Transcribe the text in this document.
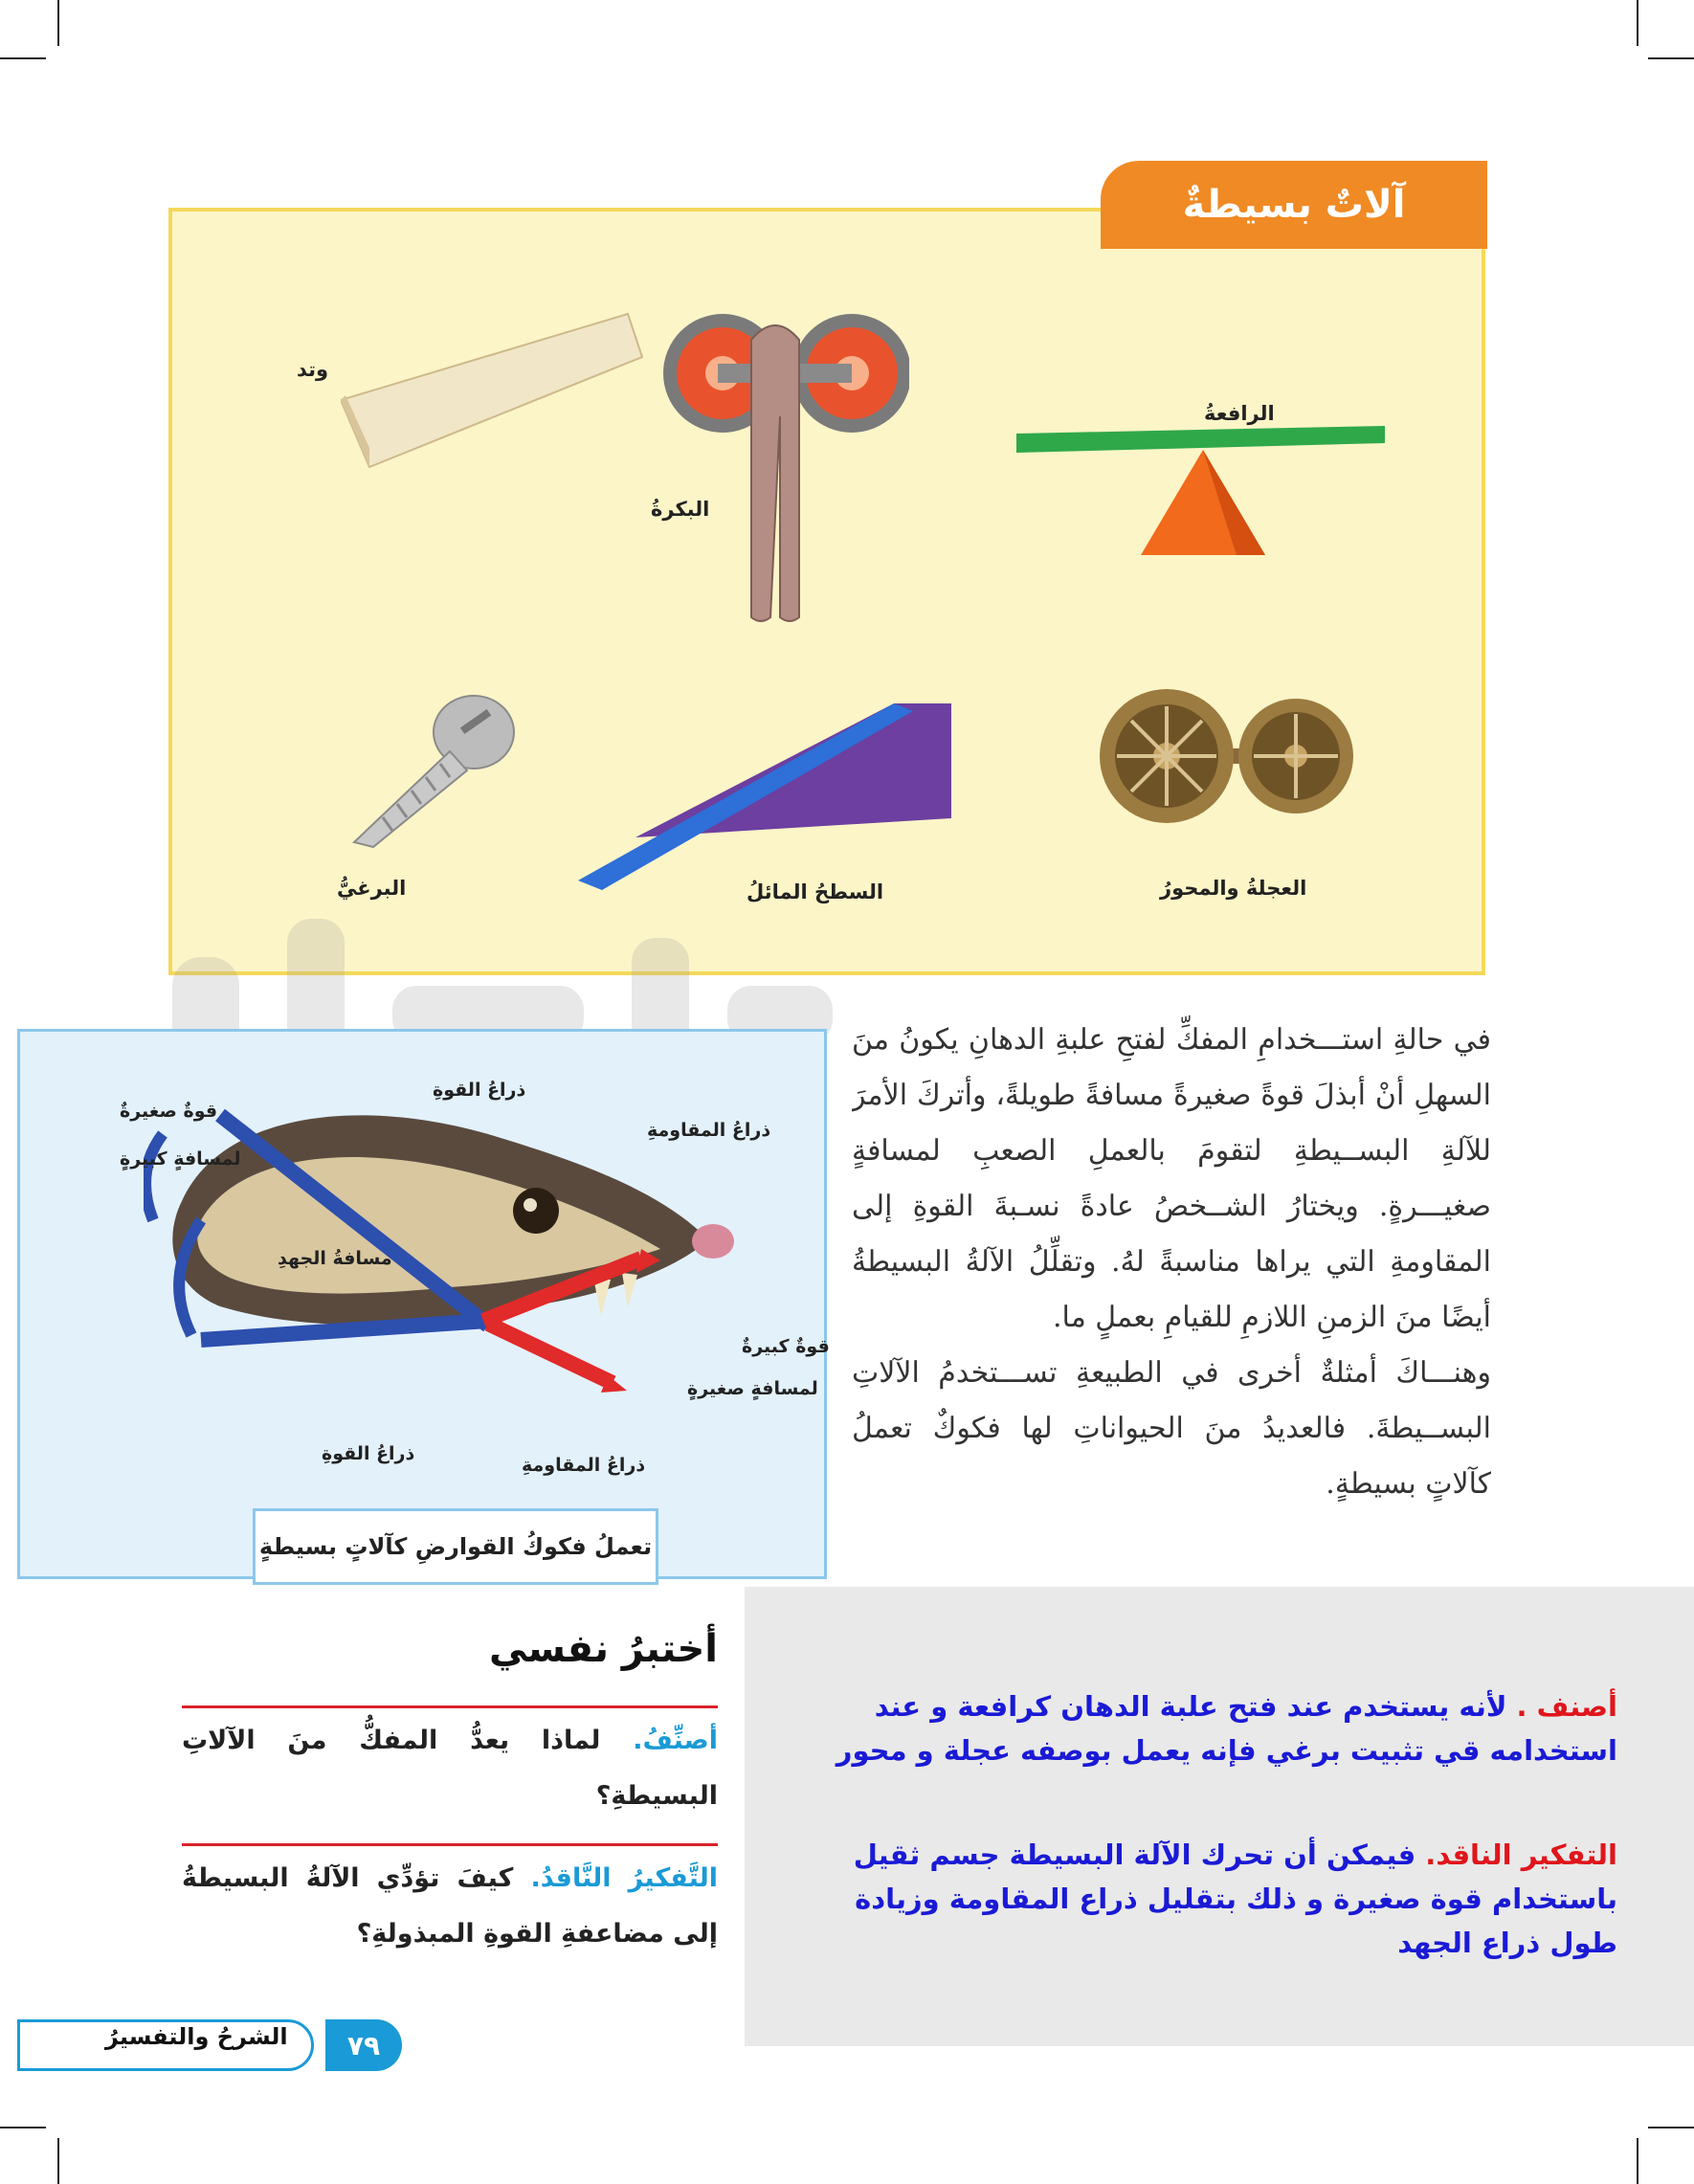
آلاتٌ بسيطةٌ
وتد
البكرةُ
الرافعةُ
البرغيُّ	السطحُ المائلُ	العجلةُ والمحورُ
قوةٌ صغيرةٌ
لمسافةٍ كبيرةٍ
ذراعُ القوةِ
ذراعُ المقاومةِ
مسافةُ الجهدِ
قوةٌ كبيرةٌ
لمسافةٍ صغيرةٍ
ذراعُ القوةِ
ذراعُ المقاومةِ
تعملُ فكوكُ القوارضِ كآلاتٍ بسيطةٍ

في حالةِ استـــخدامِ المفكِّ لفتحِ علبةِ الدهانِ يكونُ منَ السهلِ أنْ أبذلَ قوةً صغيرةً مسافةً طويلةً، وأتركَ الأمرَ للآلةِ البســيطةِ لتقومَ بالعملِ الصعبِ لمسافةٍ صغيـــرةٍ. ويختارُ الشــخصُ عادةً نسـبةَ القوةِ إلى المقاومةِ التي يراها مناسبةً لهُ. وتقلِّلُ الآلةُ البسيطةُ أيضًا منَ الزمنِ اللازمِ للقيامِ بعملٍ ما.

وهنـــاكَ أمثلةٌ أخرى في الطبيعةِ تســـتخدمُ الآلاتِ البســيطةَ. فالعديدُ منَ الحيواناتِ لها فكوكٌ تعملُ كآلاتٍ بسيطةٍ.

أصنف . لأنه يستخدم عند فتح علبة الدهان كرافعة و عند استخدامه قي تثبيت برغي فإنه يعمل بوصفه عجلة و محور
التفكير الناقد. فيمكن أن تحرك الآلة البسيطة جسم ثقيل باستخدام قوة صغيرة و ذلك بتقليل ذراع المقاومة وزيادة طول ذراع الجهد
أختبرُ نفسي
أصنِّفُ. لماذا يعدُّ المفكُّ منَ الآلاتِ البسيطةِ؟
التَّفكيرُ النَّاقدُ. كيفَ تؤدِّي الآلةُ البسيطةُ إلى مضاعفةِ القوةِ المبذولةِ؟
الشرحُ والتفسيرُ	٧٩
